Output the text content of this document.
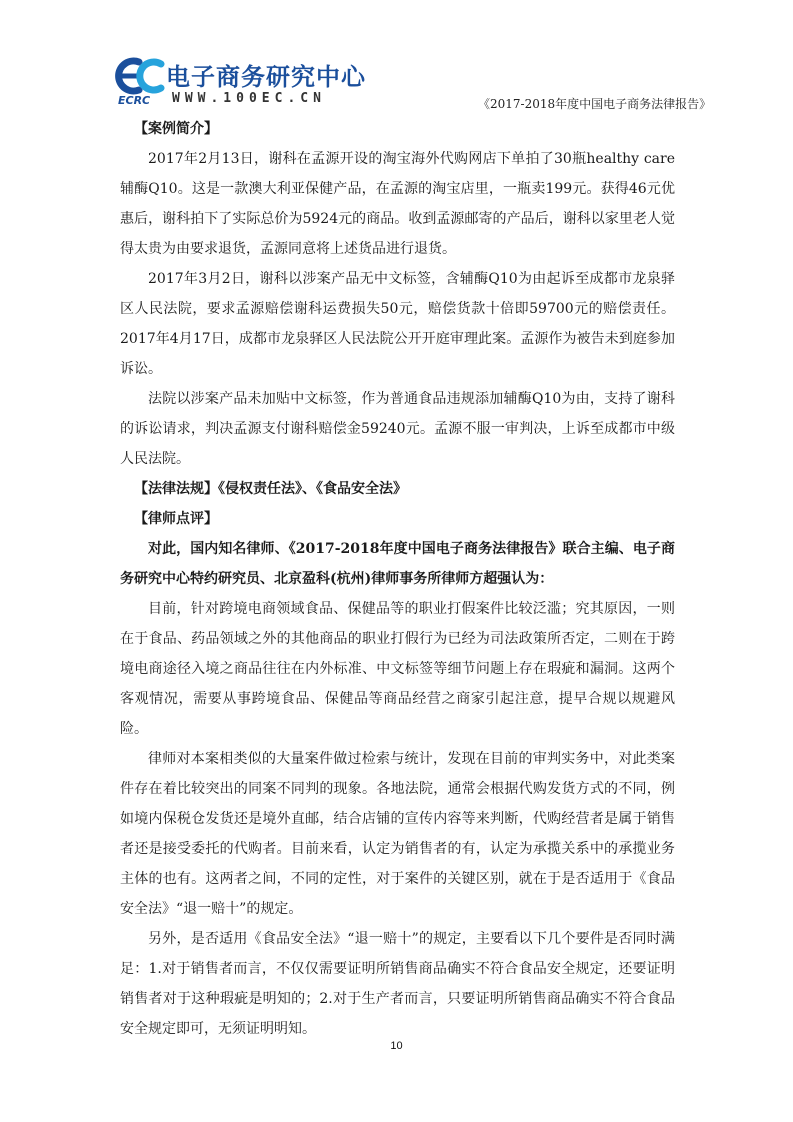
电子商务研究中心
ECRC WWW.100EC.CN	《2017-2018年度中国电子商务法律报告》

【案例简介】

2017年2月13日，谢科在孟源开设的淘宝海外代购网店下单拍了30瓶healthy care辅酶Q10。这是一款澳大利亚保健产品，在孟源的淘宝店里，一瓶卖199元。获得46元优惠后，谢科拍下了实际总价为5924元的商品。收到孟源邮寄的产品后，谢科以家里老人觉得太贵为由要求退货，孟源同意将上述货品进行退货。

2017年3月2日，谢科以涉案产品无中文标签，含辅酶Q10为由起诉至成都市龙泉驿区人民法院，要求孟源赔偿谢科运费损失50元，赔偿货款十倍即59700元的赔偿责任。2017年4月17日，成都市龙泉驿区人民法院公开开庭审理此案。孟源作为被告未到庭参加诉讼。

法院以涉案产品未加贴中文标签，作为普通食品违规添加辅酶Q10为由，支持了谢科的诉讼请求，判决孟源支付谢科赔偿金59240元。孟源不服一审判决，上诉至成都市中级人民法院。

【法律法规】《侵权责任法》、《食品安全法》

【律师点评】

对此，国内知名律师、《2017-2018年度中国电子商务法律报告》联合主编、电子商务研究中心特约研究员、北京盈科(杭州)律师事务所律师方超强认为：

目前，针对跨境电商领域食品、保健品等的职业打假案件比较泛滥；究其原因，一则在于食品、药品领域之外的其他商品的职业打假行为已经为司法政策所否定，二则在于跨境电商途径入境之商品往往在内外标准、中文标签等细节问题上存在瑕疵和漏洞。这两个客观情况，需要从事跨境食品、保健品等商品经营之商家引起注意，提早合规以规避风险。

律师对本案相类似的大量案件做过检索与统计，发现在目前的审判实务中，对此类案件存在着比较突出的同案不同判的现象。各地法院，通常会根据代购发货方式的不同，例如境内保税仓发货还是境外直邮，结合店铺的宣传内容等来判断，代购经营者是属于销售者还是接受委托的代购者。目前来看，认定为销售者的有，认定为承揽关系中的承揽业务主体的也有。这两者之间，不同的定性，对于案件的关键区别，就在于是否适用于《食品安全法》“退一赔十”的规定。

另外，是否适用《食品安全法》“退一赔十”的规定，主要看以下几个要件是否同时满足：1.对于销售者而言，不仅仅需要证明所销售商品确实不符合食品安全规定，还要证明销售者对于这种瑕疵是明知的；2.对于生产者而言，只要证明所销售商品确实不符合食品安全规定即可，无须证明明知。

10
